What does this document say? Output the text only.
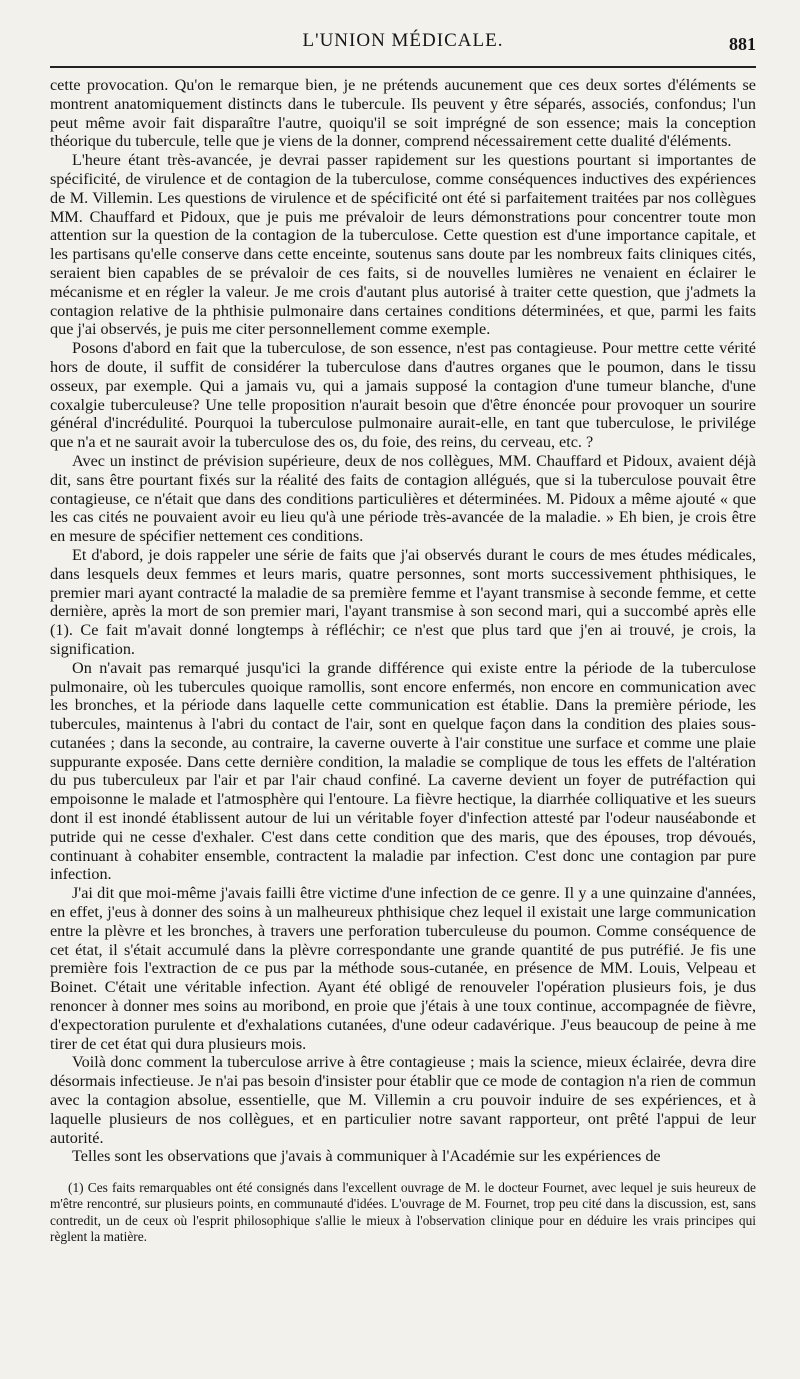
L'UNION MÉDICALE.	881

cette provocation. Qu'on le remarque bien, je ne prétends aucunement que ces deux sortes d'éléments se montrent anatomiquement distincts dans le tubercule. Ils peuvent y être séparés, associés, confondus; l'un peut même avoir fait disparaître l'autre, quoiqu'il se soit imprégné de son essence; mais la conception théorique du tubercule, telle que je viens de la donner, comprend nécessairement cette dualité d'éléments.

L'heure étant très-avancée, je devrai passer rapidement sur les questions pourtant si importantes de spécificité, de virulence et de contagion de la tuberculose, comme conséquences inductives des expériences de M. Villemin. Les questions de virulence et de spécificité ont été si parfaitement traitées par nos collègues MM. Chauffard et Pidoux, que je puis me prévaloir de leurs démonstrations pour concentrer toute mon attention sur la question de la contagion de la tuberculose. Cette question est d'une importance capitale, et les partisans qu'elle conserve dans cette enceinte, soutenus sans doute par les nombreux faits cliniques cités, seraient bien capables de se prévaloir de ces faits, si de nouvelles lumières ne venaient en éclairer le mécanisme et en régler la valeur. Je me crois d'autant plus autorisé à traiter cette question, que j'admets la contagion relative de la phthisie pulmonaire dans certaines conditions déterminées, et que, parmi les faits que j'ai observés, je puis me citer personnellement comme exemple.

Posons d'abord en fait que la tuberculose, de son essence, n'est pas contagieuse. Pour mettre cette vérité hors de doute, il suffit de considérer la tuberculose dans d'autres organes que le poumon, dans le tissu osseux, par exemple. Qui a jamais vu, qui a jamais supposé la contagion d'une tumeur blanche, d'une coxalgie tuberculeuse? Une telle proposition n'aurait besoin que d'être énoncée pour provoquer un sourire général d'incrédulité. Pourquoi la tuberculose pulmonaire aurait-elle, en tant que tuberculose, le privilége que n'a et ne saurait avoir la tuberculose des os, du foie, des reins, du cerveau, etc. ?

Avec un instinct de prévision supérieure, deux de nos collègues, MM. Chauffard et Pidoux, avaient déjà dit, sans être pourtant fixés sur la réalité des faits de contagion allégués, que si la tuberculose pouvait être contagieuse, ce n'était que dans des conditions particulières et déterminées. M. Pidoux a même ajouté « que les cas cités ne pouvaient avoir eu lieu qu'à une période très-avancée de la maladie. » Eh bien, je crois être en mesure de spécifier nettement ces conditions.

Et d'abord, je dois rappeler une série de faits que j'ai observés durant le cours de mes études médicales, dans lesquels deux femmes et leurs maris, quatre personnes, sont morts successivement phthisiques, le premier mari ayant contracté la maladie de sa première femme et l'ayant transmise à seconde femme, et cette dernière, après la mort de son premier mari, l'ayant transmise à son second mari, qui a succombé après elle (1). Ce fait m'avait donné longtemps à réfléchir; ce n'est que plus tard que j'en ai trouvé, je crois, la signification.

On n'avait pas remarqué jusqu'ici la grande différence qui existe entre la période de la tuberculose pulmonaire, où les tubercules quoique ramollis, sont encore enfermés, non encore en communication avec les bronches, et la période dans laquelle cette communication est établie. Dans la première période, les tubercules, maintenus à l'abri du contact de l'air, sont en quelque façon dans la condition des plaies sous-cutanées ; dans la seconde, au contraire, la caverne ouverte à l'air constitue une surface et comme une plaie suppurante exposée. Dans cette dernière condition, la maladie se complique de tous les effets de l'altération du pus tuberculeux par l'air et par l'air chaud confiné. La caverne devient un foyer de putréfaction qui empoisonne le malade et l'atmosphère qui l'entoure. La fièvre hectique, la diarrhée colliquative et les sueurs dont il est inondé établissent autour de lui un véritable foyer d'infection attesté par l'odeur nauséabonde et putride qui ne cesse d'exhaler. C'est dans cette condition que des maris, que des épouses, trop dévoués, continuant à cohabiter ensemble, contractent la maladie par infection. C'est donc une contagion par pure infection.

J'ai dit que moi-même j'avais failli être victime d'une infection de ce genre. Il y a une quinzaine d'années, en effet, j'eus à donner des soins à un malheureux phthisique chez lequel il existait une large communication entre la plèvre et les bronches, à travers une perforation tuberculeuse du poumon. Comme conséquence de cet état, il s'était accumulé dans la plèvre correspondante une grande quantité de pus putréfié. Je fis une première fois l'extraction de ce pus par la méthode sous-cutanée, en présence de MM. Louis, Velpeau et Boinet. C'était une véritable infection. Ayant été obligé de renouveler l'opération plusieurs fois, je dus renoncer à donner mes soins au moribond, en proie que j'étais à une toux continue, accompagnée de fièvre, d'expectoration purulente et d'exhalations cutanées, d'une odeur cadavérique. J'eus beaucoup de peine à me tirer de cet état qui dura plusieurs mois.

Voilà donc comment la tuberculose arrive à être contagieuse ; mais la science, mieux éclairée, devra dire désormais infectieuse. Je n'ai pas besoin d'insister pour établir que ce mode de contagion n'a rien de commun avec la contagion absolue, essentielle, que M. Villemin a cru pouvoir induire de ses expériences, et à laquelle plusieurs de nos collègues, et en particulier notre savant rapporteur, ont prêté l'appui de leur autorité.

Telles sont les observations que j'avais à communiquer à l'Académie sur les expériences de

(1) Ces faits remarquables ont été consignés dans l'excellent ouvrage de M. le docteur Fournet, avec lequel je suis heureux de m'être rencontré, sur plusieurs points, en communauté d'idées. L'ouvrage de M. Fournet, trop peu cité dans la discussion, est, sans contredit, un de ceux où l'esprit philosophique s'allie le mieux à l'observation clinique pour en déduire les vrais principes qui règlent la matière.
